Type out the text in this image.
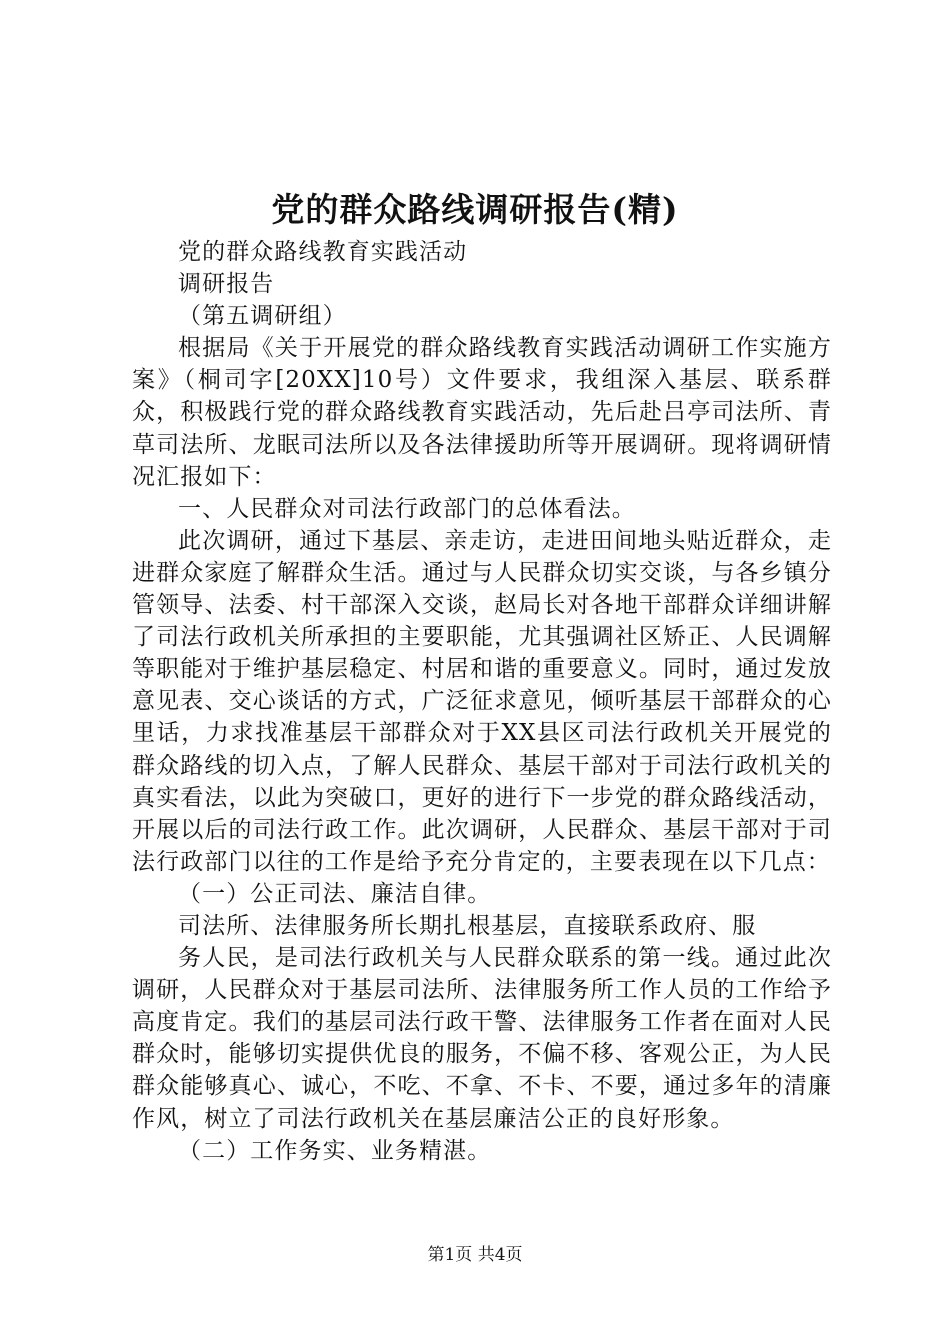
党的群众路线调研报告(精)

党的群众路线教育实践活动

调研报告

（第五调研组）

根据局《关于开展党的群众路线教育实践活动调研工作实施方案》（桐司字[20XX]10号）文件要求，我组深入基层、联系群众，积极践行党的群众路线教育实践活动，先后赴吕亭司法所、青草司法所、龙眠司法所以及各法律援助所等开展调研。现将调研情况汇报如下：

一、人民群众对司法行政部门的总体看法。

此次调研，通过下基层、亲走访，走进田间地头贴近群众，走进群众家庭了解群众生活。通过与人民群众切实交谈，与各乡镇分管领导、法委、村干部深入交谈，赵局长对各地干部群众详细讲解了司法行政机关所承担的主要职能，尤其强调社区矫正、人民调解等职能对于维护基层稳定、村居和谐的重要意义。同时，通过发放意见表、交心谈话的方式，广泛征求意见，倾听基层干部群众的心里话，力求找准基层干部群众对于XX县区司法行政机关开展党的群众路线的切入点，了解人民群众、基层干部对于司法行政机关的真实看法，以此为突破口，更好的进行下一步党的群众路线活动，开展以后的司法行政工作。此次调研，人民群众、基层干部对于司法行政部门以往的工作是给予充分肯定的，主要表现在以下几点：

（一）公正司法、廉洁自律。

司法所、法律服务所长期扎根基层，直接联系政府、服

务人民，是司法行政机关与人民群众联系的第一线。通过此次调研，人民群众对于基层司法所、法律服务所工作人员的工作给予高度肯定。我们的基层司法行政干警、法律服务工作者在面对人民群众时，能够切实提供优良的服务，不偏不移、客观公正，为人民群众能够真心、诚心，不吃、不拿、不卡、不要，通过多年的清廉作风，树立了司法行政机关在基层廉洁公正的良好形象。

（二）工作务实、业务精湛。

第1页 共4页
